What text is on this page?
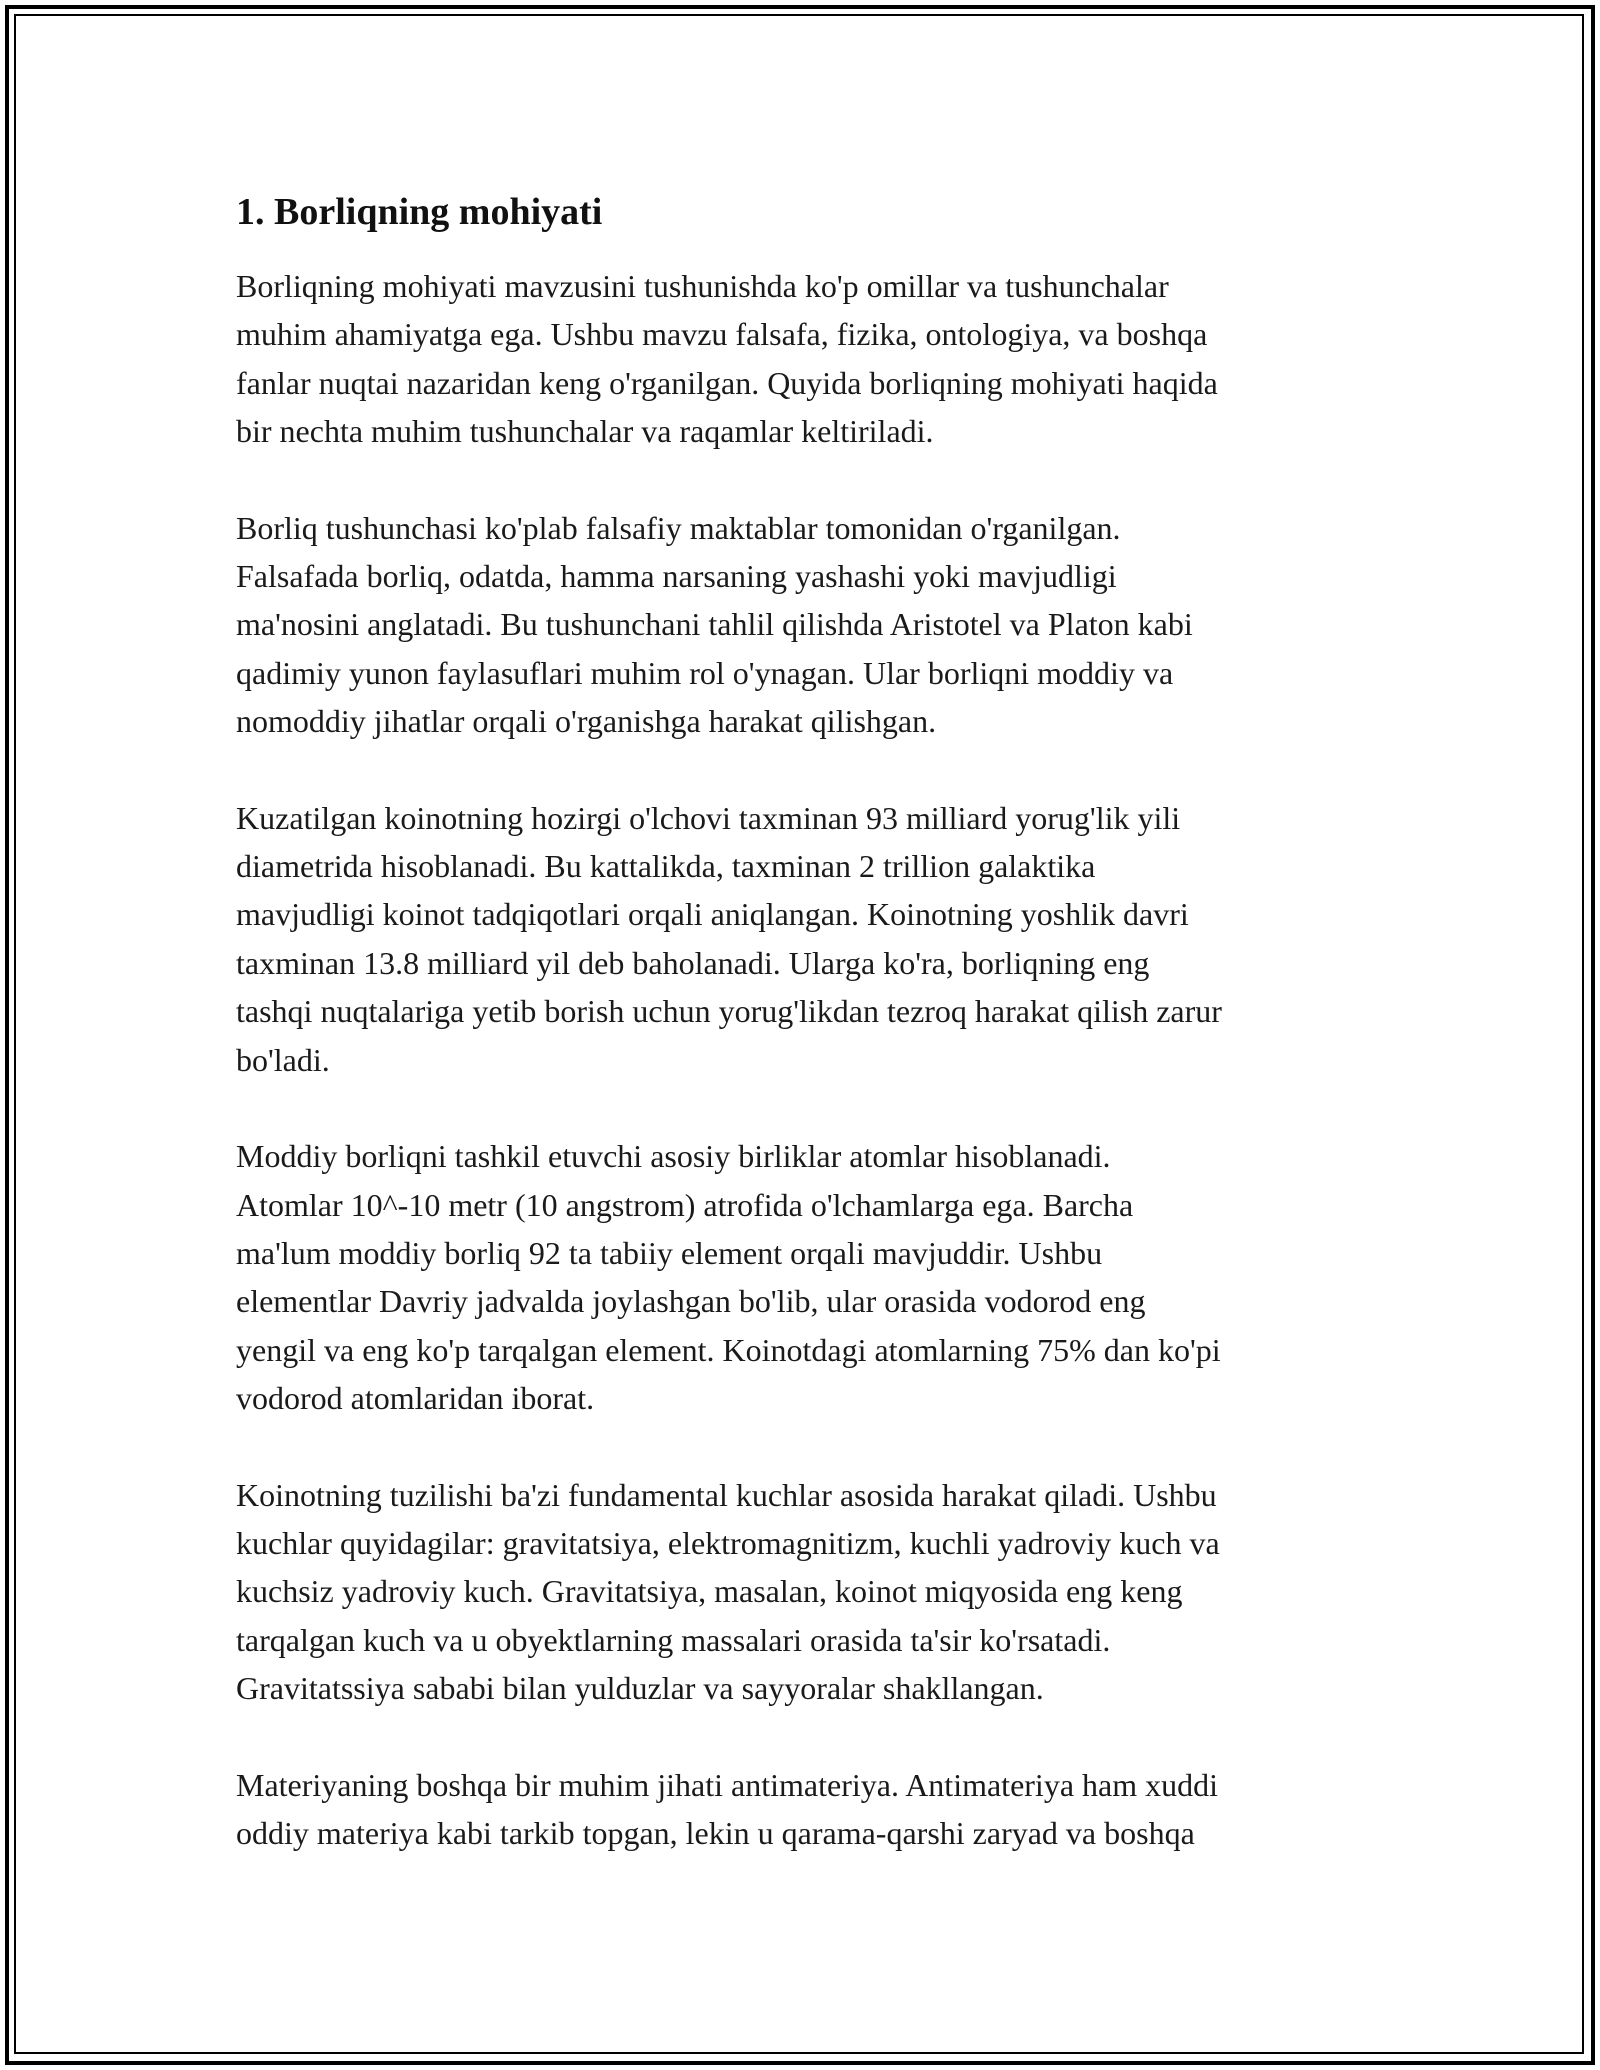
1. Borliqning mohiyati

Borliqning mohiyati mavzusini tushunishda ko'p omillar va tushunchalar
muhim ahamiyatga ega. Ushbu mavzu falsafa, fizika, ontologiya, va boshqa
fanlar nuqtai nazaridan keng o'rganilgan. Quyida borliqning mohiyati haqida
bir nechta muhim tushunchalar va raqamlar keltiriladi.

Borliq tushunchasi ko'plab falsafiy maktablar tomonidan o'rganilgan.
Falsafada borliq, odatda, hamma narsaning yashashi yoki mavjudligi
ma'nosini anglatadi. Bu tushunchani tahlil qilishda Aristotel va Platon kabi
qadimiy yunon faylasuflari muhim rol o'ynagan. Ular borliqni moddiy va
nomoddiy jihatlar orqali o'rganishga harakat qilishgan.

Kuzatilgan koinotning hozirgi o'lchovi taxminan 93 milliard yorug'lik yili
diametrida hisoblanadi. Bu kattalikda, taxminan 2 trillion galaktika
mavjudligi koinot tadqiqotlari orqali aniqlangan. Koinotning yoshlik davri
taxminan 13.8 milliard yil deb baholanadi. Ularga ko'ra, borliqning eng
tashqi nuqtalariga yetib borish uchun yorug'likdan tezroq harakat qilish zarur
bo'ladi.

Moddiy borliqni tashkil etuvchi asosiy birliklar atomlar hisoblanadi.
Atomlar 10^-10 metr (10 angstrom) atrofida o'lchamlarga ega. Barcha
ma'lum moddiy borliq 92 ta tabiiy element orqali mavjuddir. Ushbu
elementlar Davriy jadvalda joylashgan bo'lib, ular orasida vodorod eng
yengil va eng ko'p tarqalgan element. Koinotdagi atomlarning 75% dan ko'pi
vodorod atomlaridan iborat.

Koinotning tuzilishi ba'zi fundamental kuchlar asosida harakat qiladi. Ushbu
kuchlar quyidagilar: gravitatsiya, elektromagnitizm, kuchli yadroviy kuch va
kuchsiz yadroviy kuch. Gravitatsiya, masalan, koinot miqyosida eng keng
tarqalgan kuch va u obyektlarning massalari orasida ta'sir ko'rsatadi.
Gravitatssiya sababi bilan yulduzlar va sayyoralar shakllangan.

Materiyaning boshqa bir muhim jihati antimateriya. Antimateriya ham xuddi
oddiy materiya kabi tarkib topgan, lekin u qarama-qarshi zaryad va boshqa
